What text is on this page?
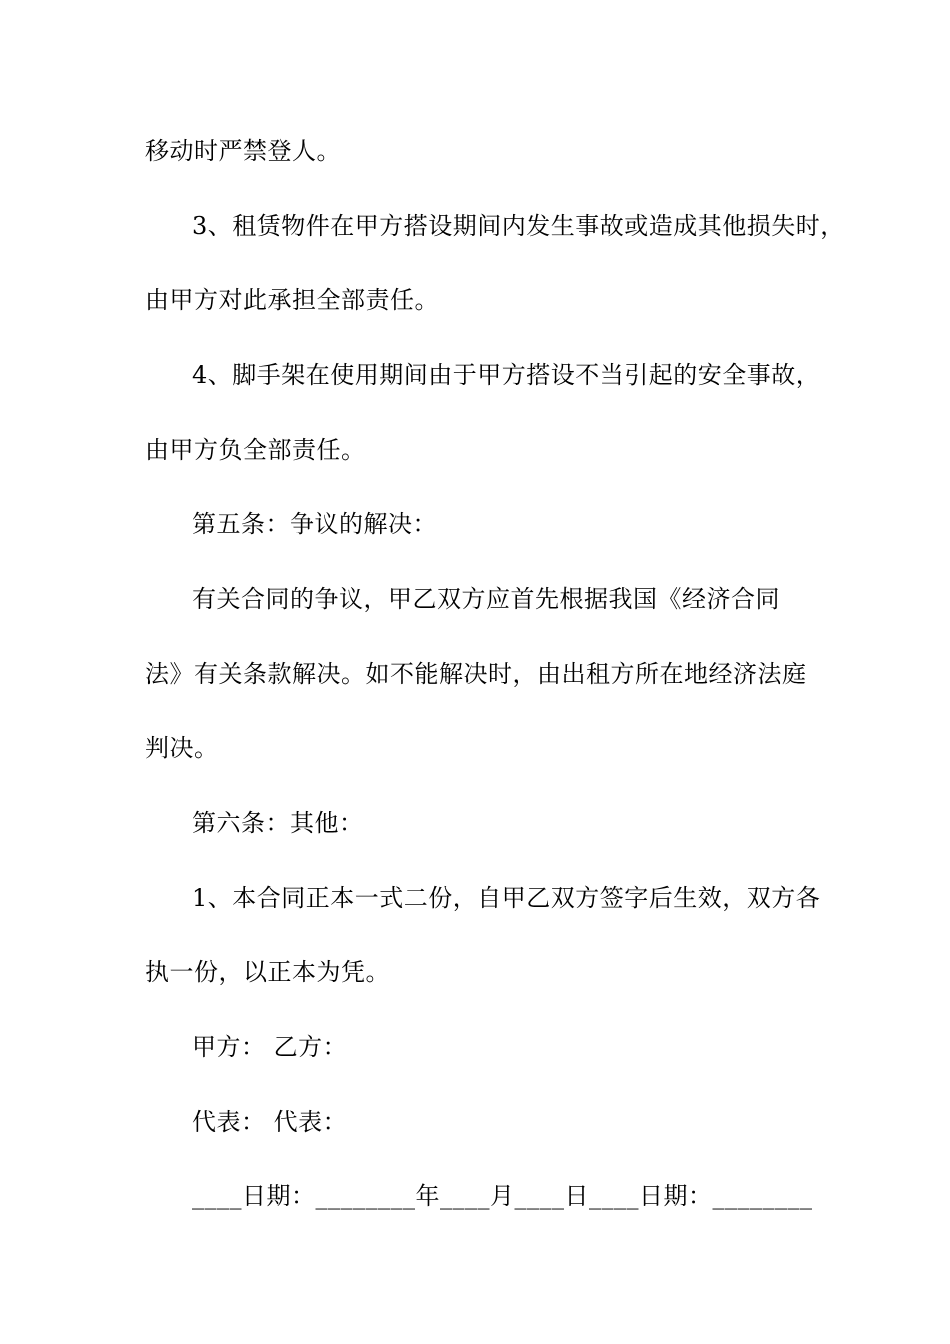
移动时严禁登人。
3、租赁物件在甲方搭设期间内发生事故或造成其他损失时，
由甲方对此承担全部责任。
4、脚手架在使用期间由于甲方搭设不当引起的安全事故，
由甲方负全部责任。
第五条：争议的解决：
有关合同的争议，甲乙双方应首先根据我国《经济合同
法》有关条款解决。如不能解决时，由出租方所在地经济法庭
判决。
第六条：其他：
1、本合同正本一式二份，自甲乙双方签字后生效，双方各
执一份，以正本为凭。
甲方： 乙方：
代表： 代表：
____日期：________年____月____日____日期：________
